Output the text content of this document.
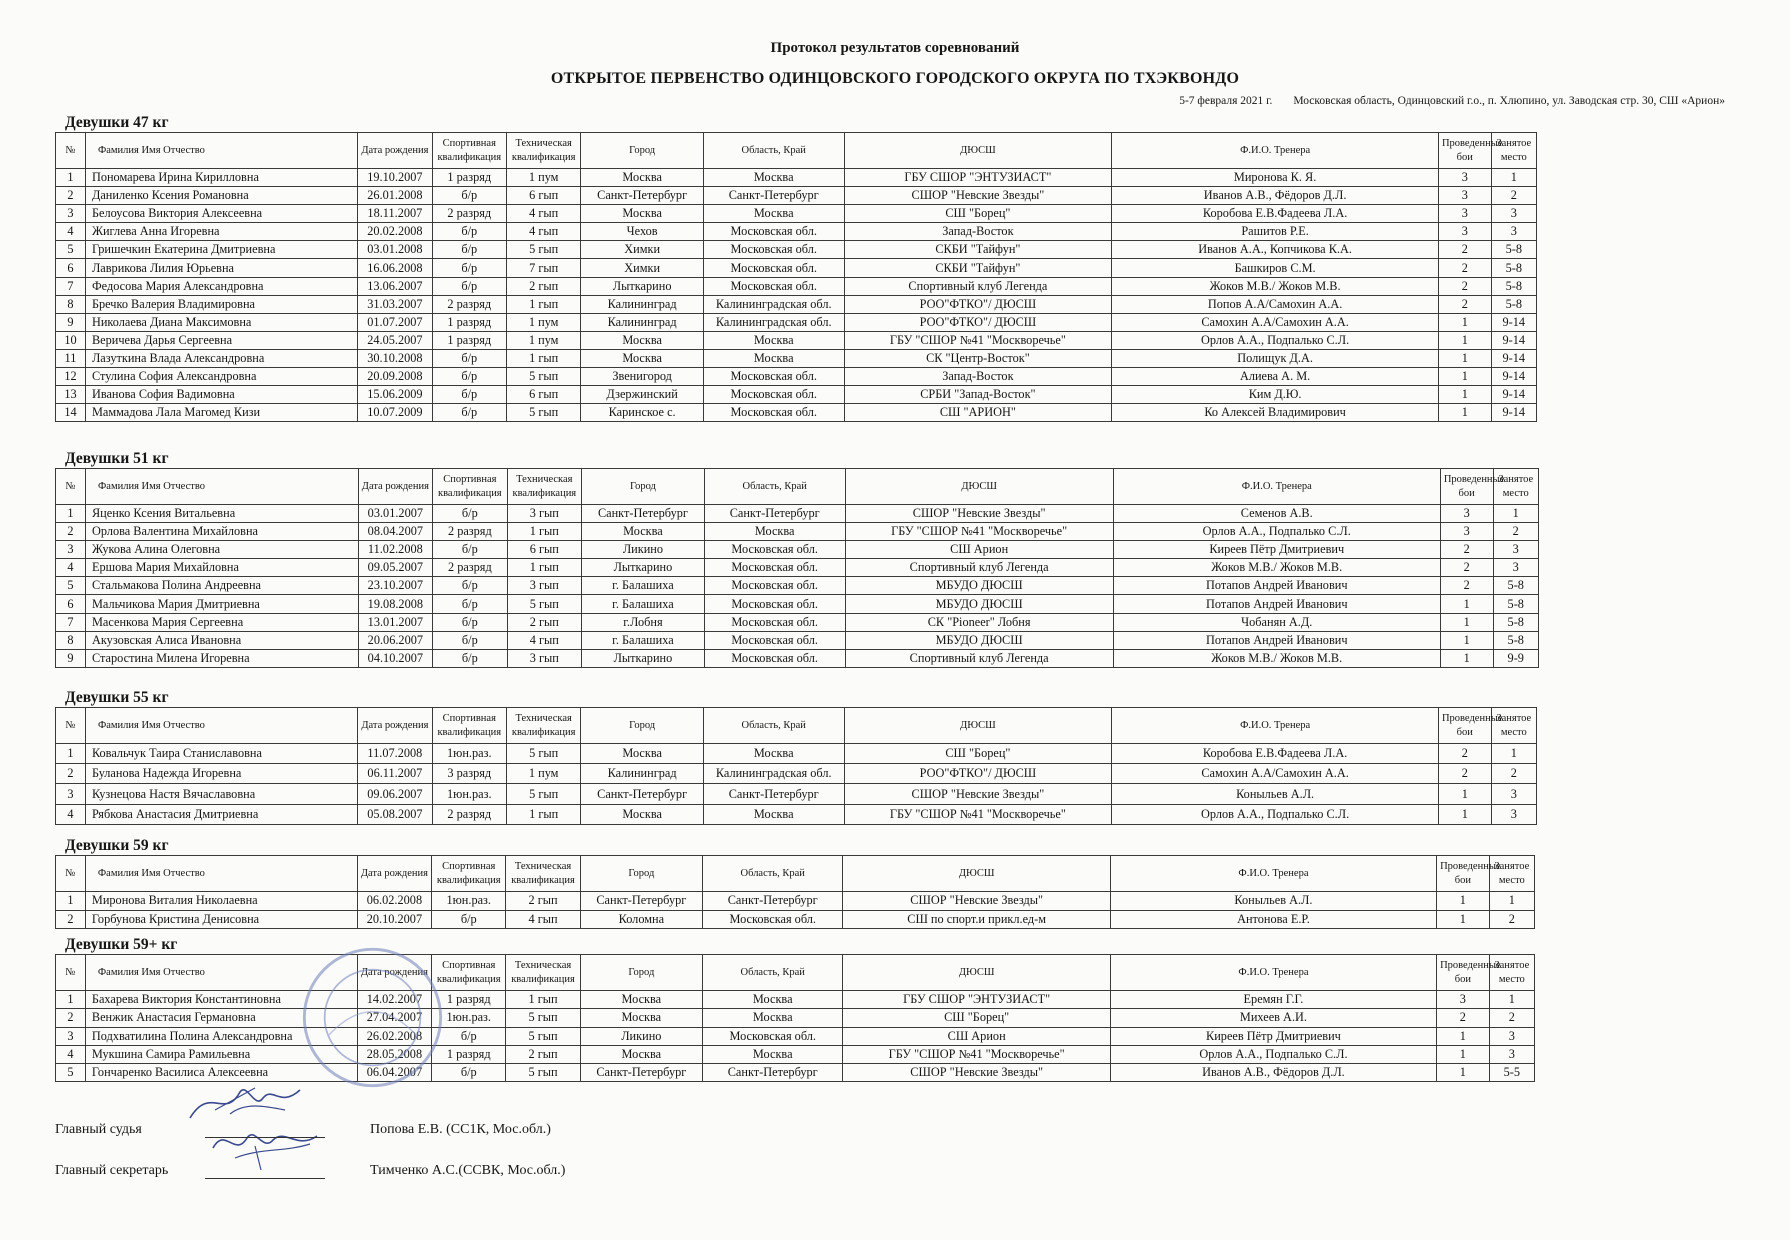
Протокол результатов соревнований
ОТКРЫТОЕ ПЕРВЕНСТВО ОДИНЦОВСКОГО ГОРОДСКОГО ОКРУГА ПО ТХЭКВОНДО
5-7 февраля 2021 г. Московская область, Одинцовский г.о., п. Хлюпино, ул. Заводская стр. 30, СШ «Арион»
Девушки 47 кг
№	Фамилия Имя Отчество	Дата рождения	Спортивная квалификация	Техническая квалификация	Город	Область, Край	ДЮСШ	Ф.И.О. Тренера	Проведенные бои	Занятое место
1	Пономарева Ирина Кирилловна	19.10.2007	1 разряд	1 пум	Москва	Москва	ГБУ СШОР "ЭНТУЗИАСТ"	Миронова К. Я.	3	1
2	Даниленко Ксения Романовна	26.01.2008	б/р	6 гып	Санкт-Петербург	Санкт-Петербург	СШОР "Невские Звезды"	Иванов А.В., Фёдоров Д.Л.	3	2
3	Белоусова Виктория Алексеевна	18.11.2007	2 разряд	4 гып	Москва	Москва	СШ "Борец"	Коробова Е.В.Фадеева Л.А.	3	3
4	Жиглева Анна Игоревна	20.02.2008	б/р	4 гып	Чехов	Московская обл.	Запад-Восток	Рашитов Р.Е.	3	3
5	Гришечкин Екатерина Дмитриевна	03.01.2008	б/р	5 гып	Химки	Московская обл.	СКБИ "Тайфун"	Иванов А.А., Копчикова К.А.	2	5-8
6	Лаврикова Лилия Юрьевна	16.06.2008	б/р	7 гып	Химки	Московская обл.	СКБИ "Тайфун"	Башкиров С.М.	2	5-8
7	Федосова Мария Александровна	13.06.2007	б/р	2 гып	Лыткарино	Московская обл.	Спортивный клуб Легенда	Жоков М.В./ Жоков М.В.	2	5-8
8	Бречко Валерия Владимировна	31.03.2007	2 разряд	1 гып	Калининград	Калининградская обл.	РОО"ФТКО"/ ДЮСШ	Попов А.А/Самохин А.А.	2	5-8
9	Николаева Диана Максимовна	01.07.2007	1 разряд	1 пум	Калининград	Калининградская обл.	РОО"ФТКО"/ ДЮСШ	Самохин А.А/Самохин А.А.	1	9-14
10	Веричева Дарья Сергеевна	24.05.2007	1 разряд	1 пум	Москва	Москва	ГБУ "СШОР №41 "Москворечье"	Орлов А.А., Подпалько С.Л.	1	9-14
11	Лазуткина Влада Александровна	30.10.2008	б/р	1 гып	Москва	Москва	СК "Центр-Восток"	Полищук Д.А.	1	9-14
12	Стулина София Александровна	20.09.2008	б/р	5 гып	Звенигород	Московская обл.	Запад-Восток	Алиева А. М.	1	9-14
13	Иванова София Вадимовна	15.06.2009	б/р	6 гып	Дзержинский	Московская обл.	СРБИ "Запад-Восток"	Ким Д.Ю.	1	9-14
14	Маммадова Лала Магомед Кизи	10.07.2009	б/р	5 гып	Каринское с.	Московская обл.	СШ "АРИОН"	Ко Алексей Владимирович	1	9-14
Девушки 51 кг
№	Фамилия Имя Отчество	Дата рождения	Спортивная квалификация	Техническая квалификация	Город	Область, Край	ДЮСШ	Ф.И.О. Тренера	Проведенные бои	Занятое место
1	Яценко Ксения Витальевна	03.01.2007	б/р	3 гып	Санкт-Петербург	Санкт-Петербург	СШОР "Невские Звезды"	Семенов А.В.	3	1
2	Орлова Валентина Михайловна	08.04.2007	2 разряд	1 гып	Москва	Москва	ГБУ "СШОР №41 "Москворечье"	Орлов А.А., Подпалько С.Л.	3	2
3	Жукова Алина Олеговна	11.02.2008	б/р	6 гып	Ликино	Московская обл.	СШ Арион	Киреев Пётр Дмитриевич	2	3
4	Ершова Мария Михайловна	09.05.2007	2 разряд	1 гып	Лыткарино	Московская обл.	Спортивный клуб Легенда	Жоков М.В./ Жоков М.В.	2	3
5	Стальмакова Полина Андреевна	23.10.2007	б/р	3 гып	г. Балашиха	Московская обл.	МБУДО ДЮСШ	Потапов Андрей Иванович	2	5-8
6	Мальчикова Мария Дмитриевна	19.08.2008	б/р	5 гып	г. Балашиха	Московская обл.	МБУДО ДЮСШ	Потапов Андрей Иванович	1	5-8
7	Масенкова Мария Сергеевна	13.01.2007	б/р	2 гып	г.Лобня	Московская обл.	СК "Pioneer" Лобня	Чобанян А.Д.	1	5-8
8	Акузовская Алиса Ивановна	20.06.2007	б/р	4 гып	г. Балашиха	Московская обл.	МБУДО ДЮСШ	Потапов Андрей Иванович	1	5-8
9	Старостина Милена Игоревна	04.10.2007	б/р	3 гып	Лыткарино	Московская обл.	Спортивный клуб Легенда	Жоков М.В./ Жоков М.В.	1	9-9
Девушки 55 кг
№	Фамилия Имя Отчество	Дата рождения	Спортивная квалификация	Техническая квалификация	Город	Область, Край	ДЮСШ	Ф.И.О. Тренера	Проведенные бои	Занятое место
1	Ковальчук Таира Станиславовна	11.07.2008	1юн.раз.	5 гып	Москва	Москва	СШ "Борец"	Коробова Е.В.Фадеева Л.А.	2	1
2	Буланова Надежда Игоревна	06.11.2007	3 разряд	1 пум	Калининград	Калининградская обл.	РОО"ФТКО"/ ДЮСШ	Самохин А.А/Самохин А.А.	2	2
3	Кузнецова Настя Вячаславовна	09.06.2007	1юн.раз.	5 гып	Санкт-Петербург	Санкт-Петербург	СШОР "Невские Звезды"	Коныльев А.Л.	1	3
4	Рябкова Анастасия Дмитриевна	05.08.2007	2 разряд	1 гып	Москва	Москва	ГБУ "СШОР №41 "Москворечье"	Орлов А.А., Подпалько С.Л.	1	3
Девушки 59 кг
№	Фамилия Имя Отчество	Дата рождения	Спортивная квалификация	Техническая квалификация	Город	Область, Край	ДЮСШ	Ф.И.О. Тренера	Проведенные бои	Занятое место
1	Миронова Виталия Николаевна	06.02.2008	1юн.раз.	2 гып	Санкт-Петербург	Санкт-Петербург	СШОР "Невские Звезды"	Коныльев А.Л.	1	1
2	Горбунова Кристина Денисовна	20.10.2007	б/р	4 гып	Коломна	Московская обл.	СШ по спорт.и прикл.ед-м	Антонова Е.Р.	1	2
Девушки 59+ кг
№	Фамилия Имя Отчество	Дата рождения	Спортивная квалификация	Техническая квалификация	Город	Область, Край	ДЮСШ	Ф.И.О. Тренера	Проведенные бои	Занятое место
1	Бахарева Виктория Константиновна	14.02.2007	1 разряд	1 гып	Москва	Москва	ГБУ СШОР "ЭНТУЗИАСТ"	Еремян Г.Г.	3	1
2	Венжик Анастасия Германовна	27.04.2007	1юн.раз.	5 гып	Москва	Москва	СШ "Борец"	Михеев А.И.	2	2
3	Подхватилина Полина Александровна	26.02.2008	б/р	5 гып	Ликино	Московская обл.	СШ Арион	Киреев Пётр Дмитриевич	1	3
4	Мукшина Самира Рамильевна	28.05.2008	1 разряд	2 гып	Москва	Москва	ГБУ "СШОР №41 "Москворечье"	Орлов А.А., Подпалько С.Л.	1	3
5	Гончаренко Василиса Алексеевна	06.04.2007	б/р	5 гып	Санкт-Петербург	Санкт-Петербург	СШОР "Невские Звезды"	Иванов А.В., Фёдоров Д.Л.	1	5-5
Главный судья	Попова Е.В. (СС1К, Мос.обл.)
Главный секретарь	Тимченко А.С.(ССВК, Мос.обл.)
